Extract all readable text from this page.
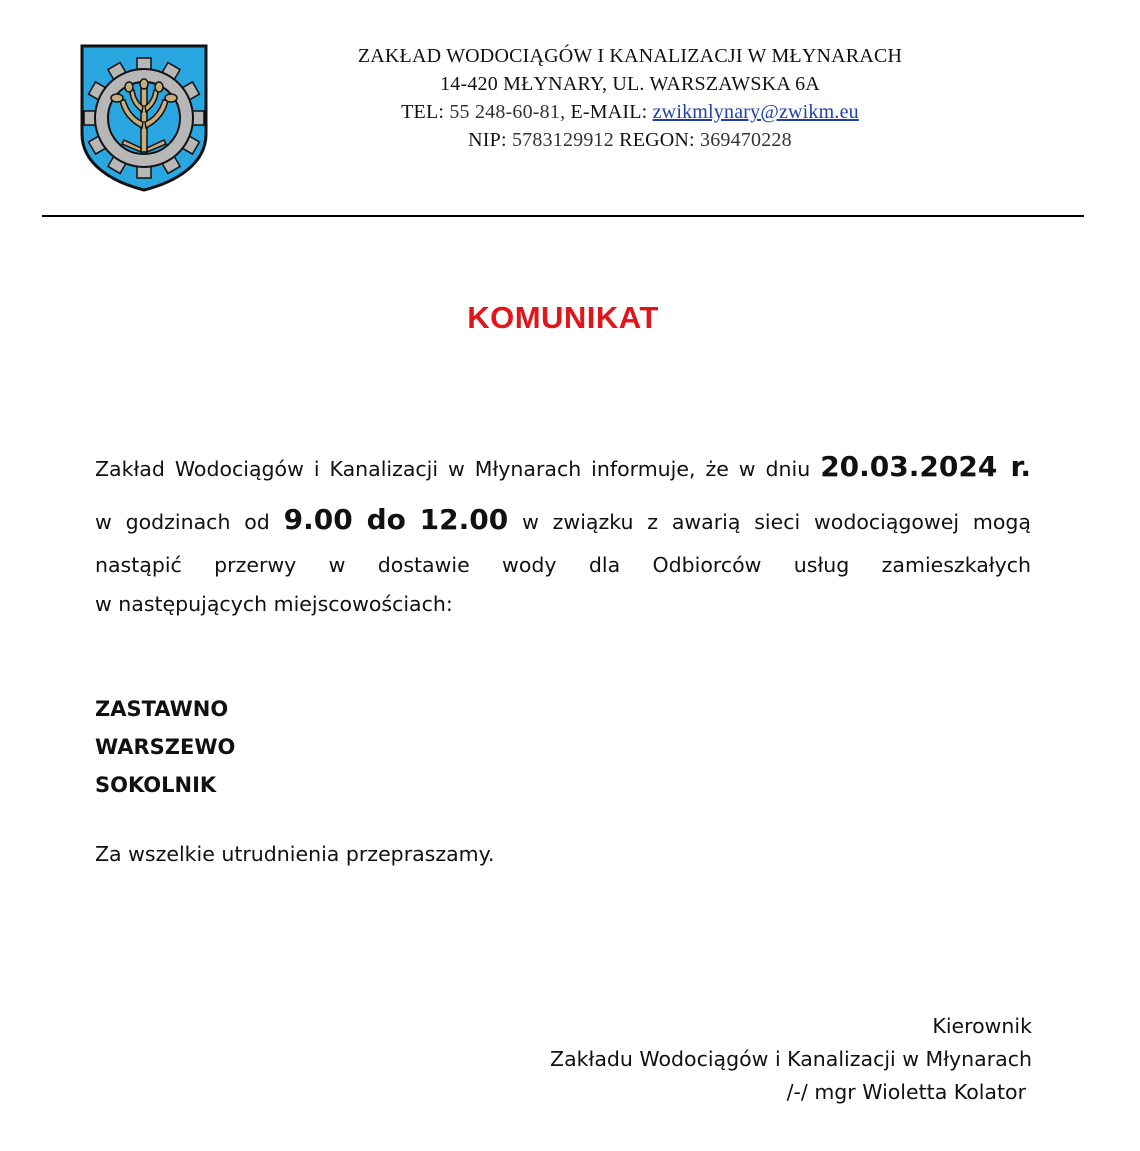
ZAKŁAD WODOCIĄGÓW I KANALIZACJI W MŁYNARACH
14-420 MŁYNARY, UL. WARSZAWSKA 6A
TEL: 55 248-60-81, E-MAIL: zwikmlynary@zwikm.eu
NIP: 5783129912 REGON: 369470228
KOMUNIKAT
Zakład Wodociągów i Kanalizacji w Młynarach informuje, że w dniu 20.03.2024 r.
w godzinach od 9.00 do 12.00 w związku z awarią sieci wodociągowej mogą
nastąpić przerwy w dostawie wody dla Odbiorców usług zamieszkałych
w następujących miejscowościach:
ZASTAWNO
WARSZEWO
SOKOLNIK
Za wszelkie utrudnienia przepraszamy.
Kierownik
Zakładu Wodociągów i Kanalizacji w Młynarach
/-/ mgr Wioletta Kolator
